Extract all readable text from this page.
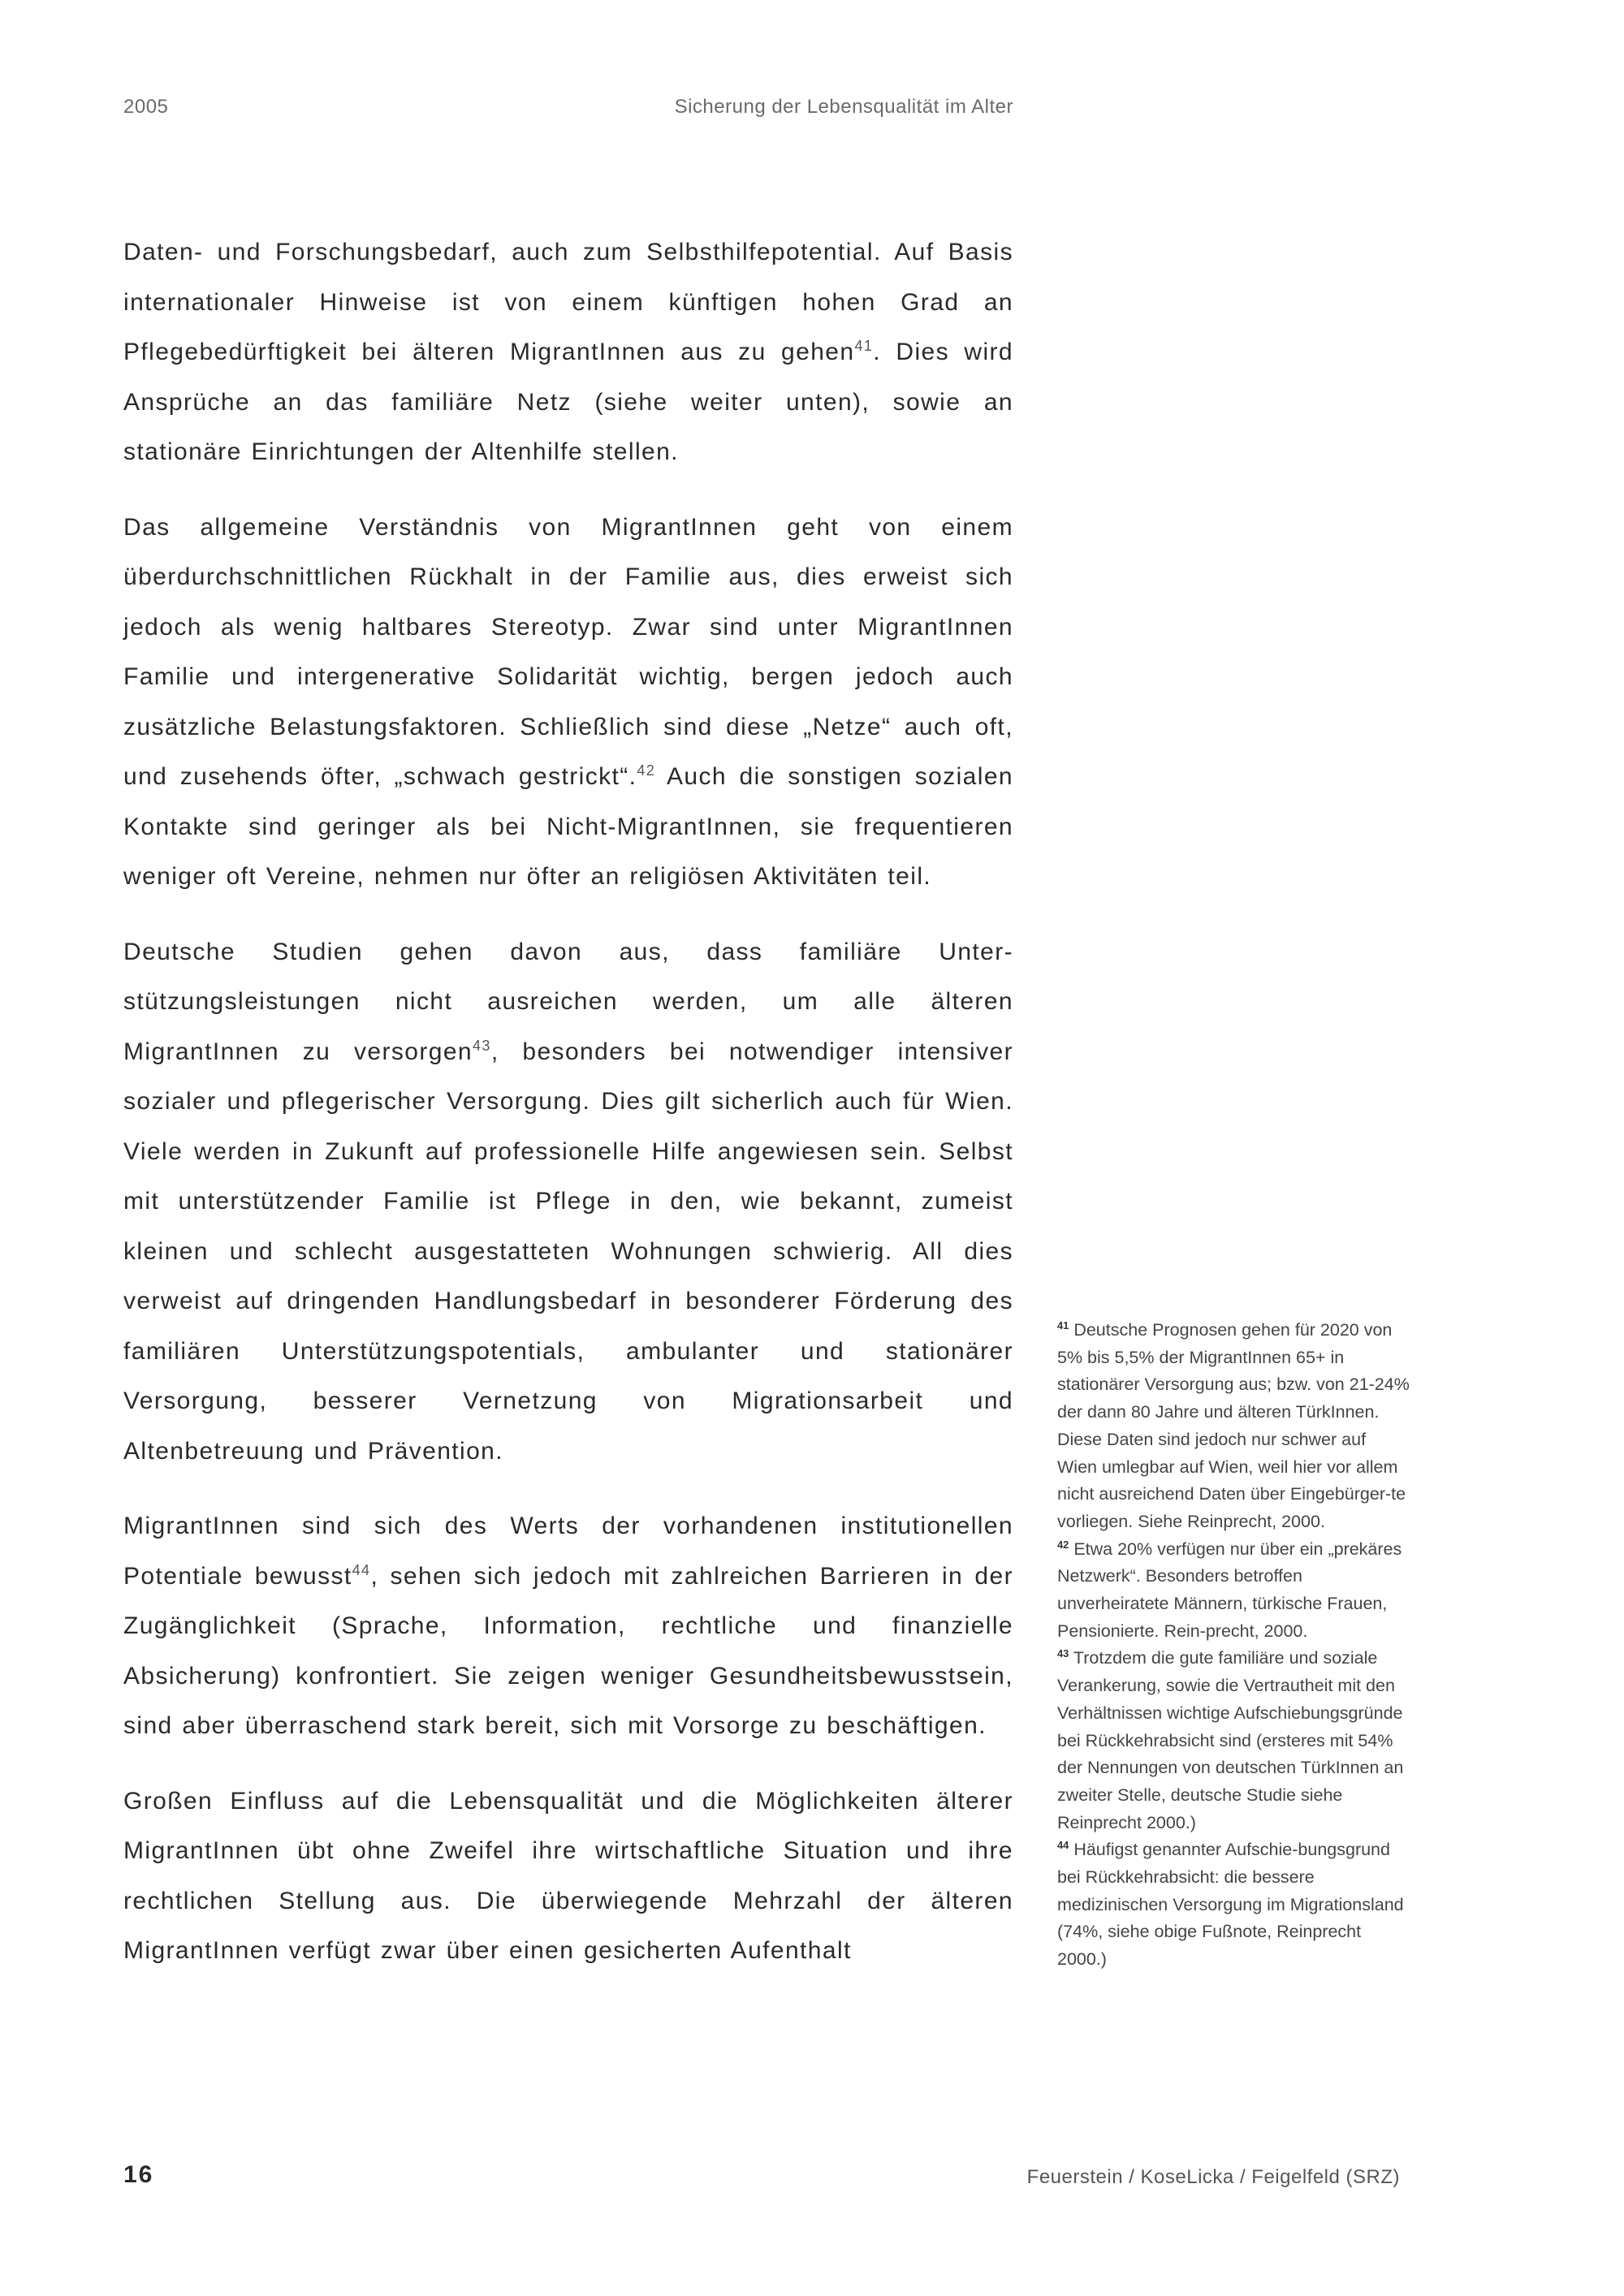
2005	Sicherung der Lebensqualität im Alter

Daten- und Forschungsbedarf, auch zum Selbsthilfepotential. Auf Basis internationaler Hinweise ist von einem künftigen hohen Grad an Pflegebedürftigkeit bei älteren MigrantInnen aus zu gehen$^{41}$. Dies wird Ansprüche an das familiäre Netz (siehe weiter unten), sowie an stationäre Einrichtungen der Altenhilfe stellen.

Das allgemeine Verständnis von MigrantInnen geht von einem überdurchschnittlichen Rückhalt in der Familie aus, dies erweist sich jedoch als wenig haltbares Stereotyp. Zwar sind unter MigrantInnen Familie und intergenerative Solidarität wichtig, bergen jedoch auch zusätzliche Belastungsfaktoren. Schließlich sind diese „Netze“ auch oft, und zusehends öfter, „schwach gestrickt“.$^{42}$ Auch die sonstigen sozialen Kontakte sind geringer als bei Nicht-MigrantInnen, sie frequentieren weniger oft Vereine, nehmen nur öfter an religiösen Aktivitäten teil.

Deutsche Studien gehen davon aus, dass familiäre Unter-stützungsleistungen nicht ausreichen werden, um alle älteren MigrantInnen zu versorgen$^{43}$, besonders bei notwendiger intensiver sozialer und pflegerischer Versorgung. Dies gilt sicherlich auch für Wien. Viele werden in Zukunft auf professionelle Hilfe angewiesen sein. Selbst mit unterstützender Familie ist Pflege in den, wie bekannt, zumeist kleinen und schlecht ausgestatteten Wohnungen schwierig. All dies verweist auf dringenden Handlungsbedarf in besonderer Förderung des familiären Unterstützungspotentials, ambulanter und stationärer Versorgung, besserer Vernetzung von Migrationsarbeit und Altenbetreuung und Prävention.

MigrantInnen sind sich des Werts der vorhandenen institutionellen Potentiale bewusst$^{44}$, sehen sich jedoch mit zahlreichen Barrieren in der Zugänglichkeit (Sprache, Information, rechtliche und finanzielle Absicherung) konfrontiert. Sie zeigen weniger Gesundheitsbewusstsein, sind aber überraschend stark bereit, sich mit Vorsorge zu beschäftigen.

Großen Einfluss auf die Lebensqualität und die Möglichkeiten älterer MigrantInnen übt ohne Zweifel ihre wirtschaftliche Situation und ihre rechtlichen Stellung aus. Die überwiegende Mehrzahl der älteren MigrantInnen verfügt zwar über einen gesicherten Aufenthalt

$^{41}$ Deutsche Prognosen gehen für 2020 von 5% bis 5,5% der MigrantInnen 65+ in stationärer Versorgung aus; bzw. von 21-24% der dann 80 Jahre und älteren TürkInnen. Diese Daten sind jedoch nur schwer auf Wien umlegbar auf Wien, weil hier vor allem nicht ausreichend Daten über Eingebürger-te vorliegen. Siehe Reinprecht, 2000.

$^{42}$ Etwa 20% verfügen nur über ein „prekäres Netzwerk“. Besonders betroffen unverheiratete Männern, türkische Frauen, Pensionierte. Rein-precht, 2000.

$^{43}$ Trotzdem die gute familiäre und soziale Verankerung, sowie die Vertrautheit mit den Verhältnissen wichtige Aufschiebungsgründe bei Rückkehrabsicht sind (ersteres mit 54% der Nennungen von deutschen TürkInnen an zweiter Stelle, deutsche Studie siehe Reinprecht 2000.)

$^{44}$ Häufigst genannter Aufschie-bungsgrund bei Rückkehrabsicht: die bessere medizinischen Versorgung im Migrationsland (74%, siehe obige Fußnote, Reinprecht 2000.)

16	Feuerstein / KoseLicka / Feigelfeld (SRZ)
